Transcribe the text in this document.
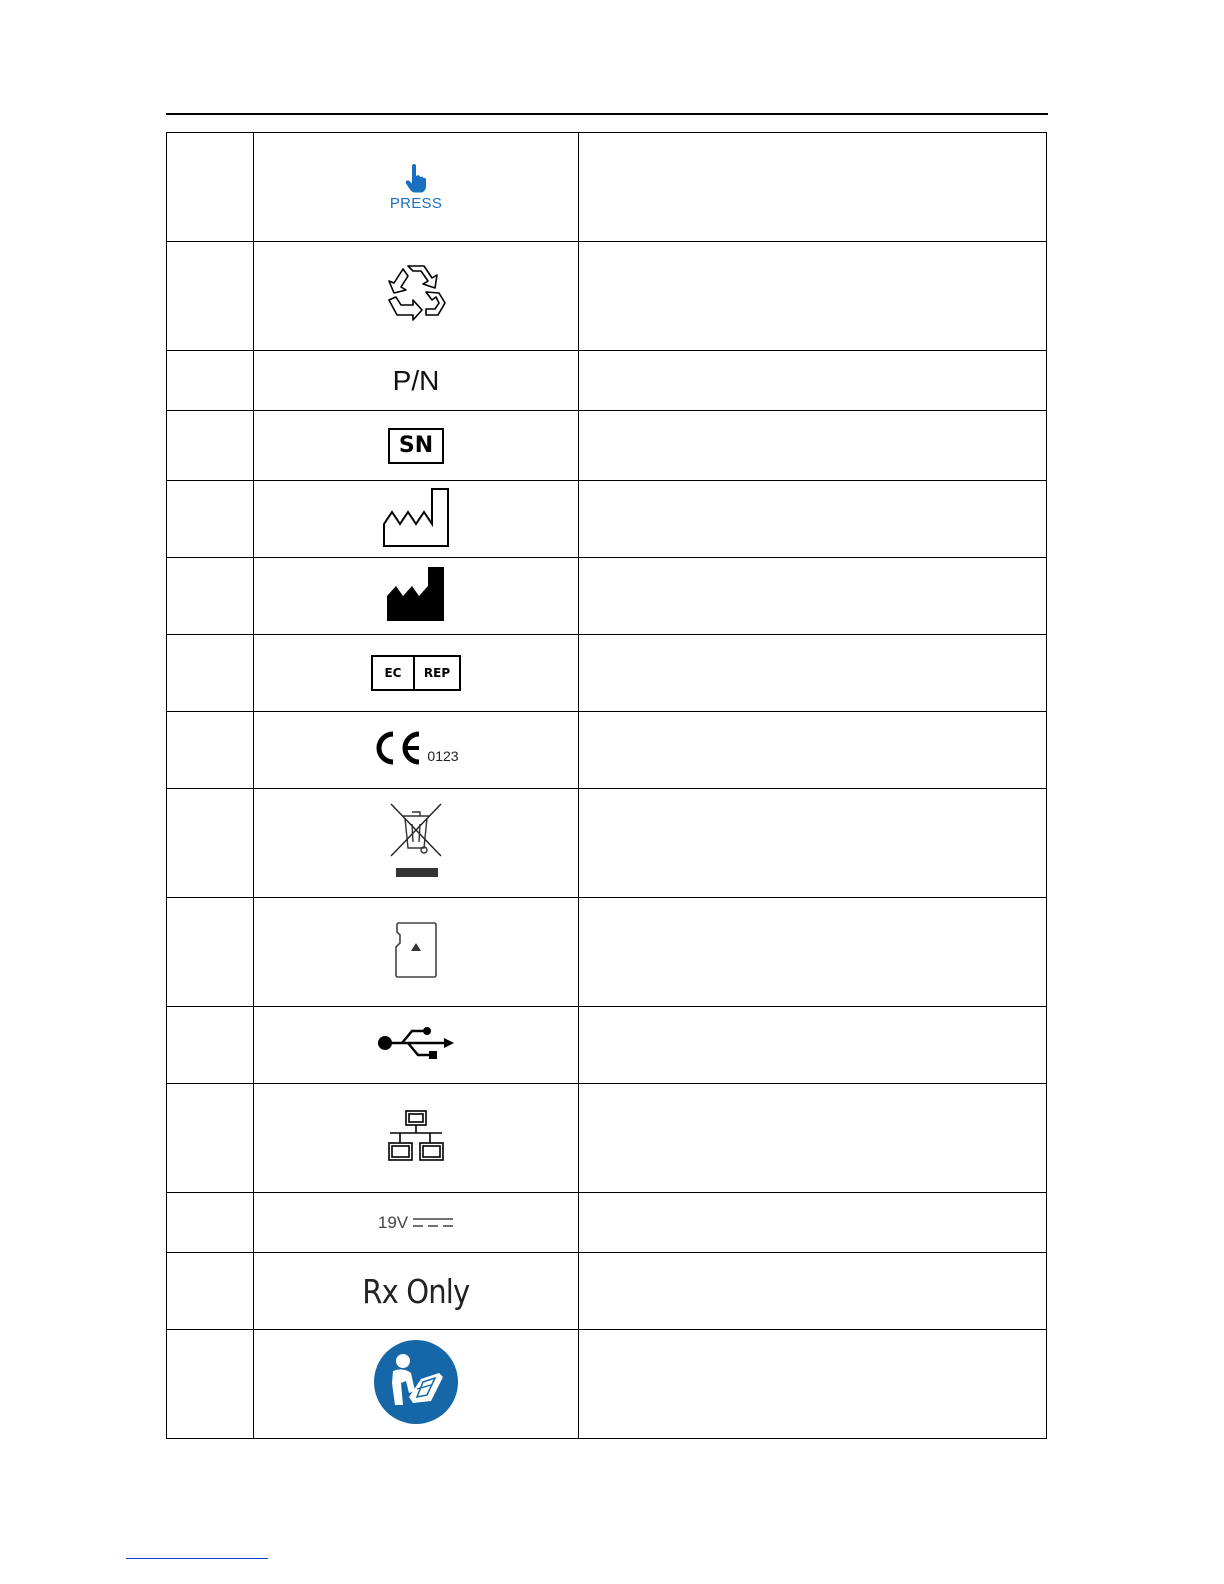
	PRESS	

	P/N	
	SN	

EC REP	

	0123	

	19V	

	Rx Only	
